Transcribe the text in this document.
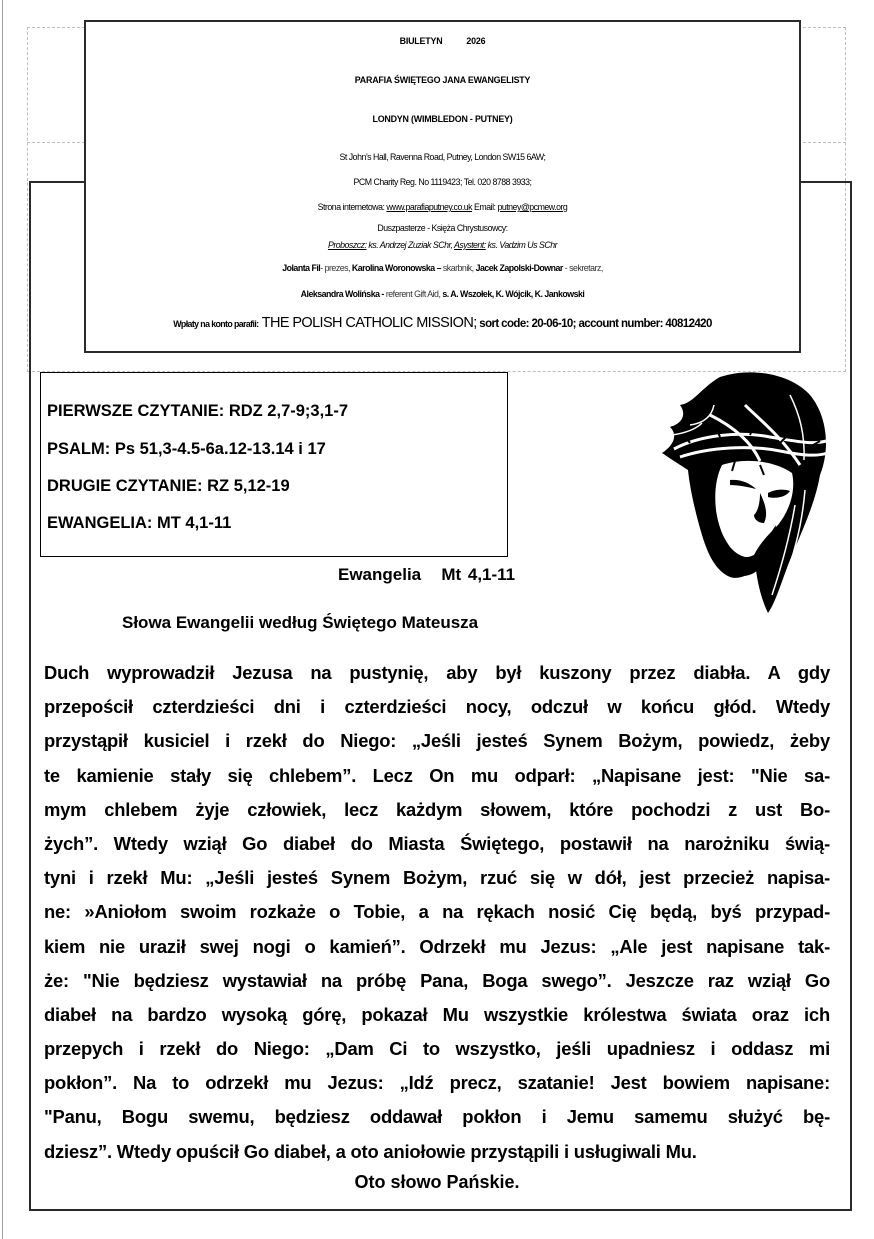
BIULETYN	2026
PARAFIA ŚWIĘTEGO JANA EWANGELISTY
LONDYN (WIMBLEDON - PUTNEY)
St John’s Hall, Ravenna Road, Putney, London SW15 6AW;
PCM Charity Reg. No 1119423; Tel. 020 8788 3933;
Strona internetowa: www.parafiaputney.co.uk Email: putney@pcmew.org
Duszpasterze - Księża Chrystusowcy:
Proboszcz: ks. Andrzej Zuziak SChr, Asystent: ks. Vadzim Us SChr
Jolanta Fil- prezes, Karolina Woronowska – skarbnik, Jacek Zapolski-Downar - sekretarz,
Aleksandra Wolińska - referent Gift Aid, s. A. Wszołek, K. Wójcik, K. Jankowski
Wpłaty na konto parafii: THE POLISH CATHOLIC MISSION; sort code: 20-06-10; account number: 40812420
PIERWSZE CZYTANIE: RDZ 2,7-9;3,1-7
PSALM: Ps 51,3-4.5-6a.12-13.14 i 17
DRUGIE CZYTANIE: RZ 5,12-19
EWANGELIA: MT 4,1-11
Ewangelia Mt 4,1-11
Słowa Ewangelii według Świętego Mateusza
Duch wyprowadził Jezusa na pustynię, aby był kuszony przez diabła. A gdy
przepościł czterdzieści dni i czterdzieści nocy, odczuł w końcu głód. Wtedy
przystąpił kusiciel i rzekł do Niego: „Jeśli jesteś Synem Bożym, powiedz, żeby
te kamienie stały się chlebem”. Lecz On mu odparł: „Napisane jest: "Nie sa-
mym chlebem żyje człowiek, lecz każdym słowem, które pochodzi z ust Bo-
żych”. Wtedy wziął Go diabeł do Miasta Świętego, postawił na narożniku świą-
tyni i rzekł Mu: „Jeśli jesteś Synem Bożym, rzuć się w dół, jest przecież napisa-
ne: »Aniołom swoim rozkaże o Tobie, a na rękach nosić Cię będą, byś przypad-
kiem nie uraził swej nogi o kamień”. Odrzekł mu Jezus: „Ale jest napisane tak-
że: "Nie będziesz wystawiał na próbę Pana, Boga swego”. Jeszcze raz wziął Go
diabeł na bardzo wysoką górę, pokazał Mu wszystkie królestwa świata oraz ich
przepych i rzekł do Niego: „Dam Ci to wszystko, jeśli upadniesz i oddasz mi
pokłon”. Na to odrzekł mu Jezus: „Idź precz, szatanie! Jest bowiem napisane:
"Panu, Bogu swemu, będziesz oddawał pokłon i Jemu samemu służyć bę-
dziesz”. Wtedy opuścił Go diabeł, a oto aniołowie przystąpili i usługiwali Mu.
Oto słowo Pańskie.
